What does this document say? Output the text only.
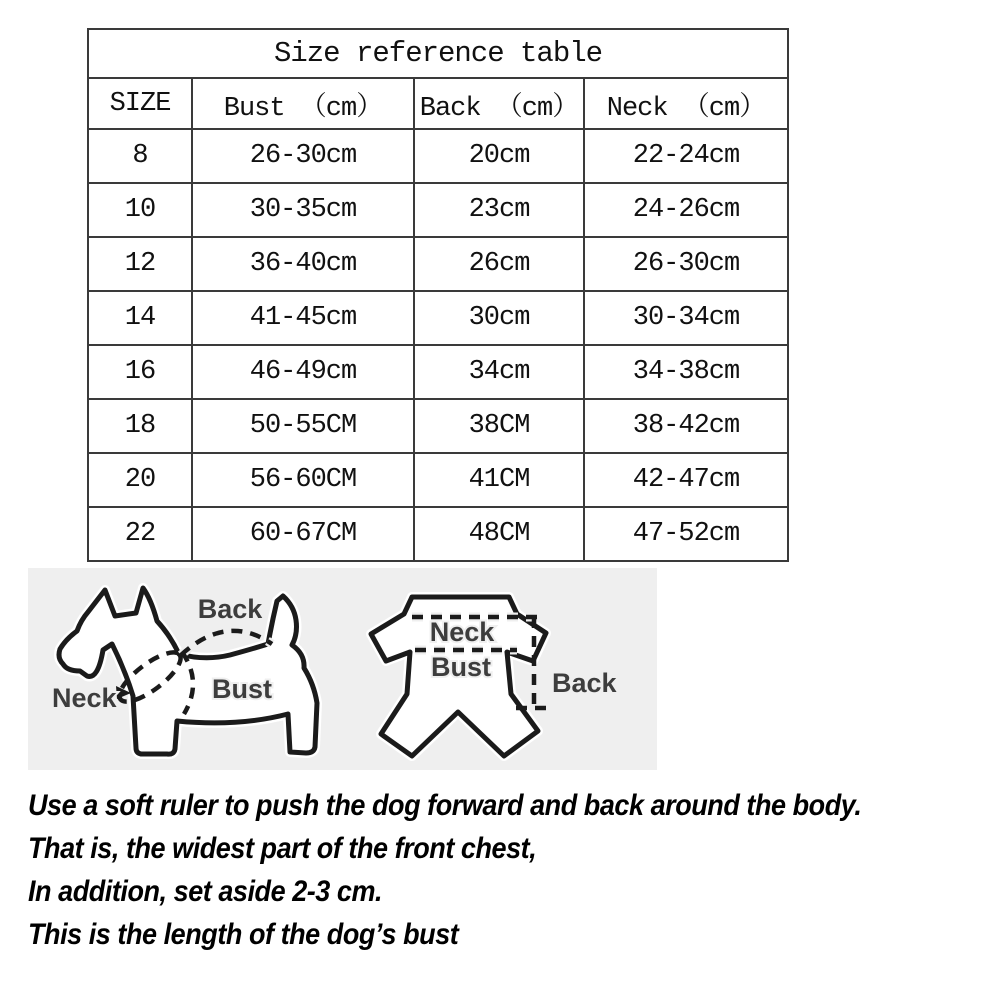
Size reference table			
SIZE	Bust （cm）	Back （cm）	Neck （cm）
8	26-30cm	20cm	22-24cm
10	30-35cm	23cm	24-26cm
12	36-40cm	26cm	26-30cm
14	41-45cm	30cm	30-34cm
16	46-49cm	34cm	34-38cm
18	50-55CM	38CM	38-42cm
20	56-60CM	41CM	42-47cm
22	60-67CM	48CM	47-52cm
Back
Neck	Bust
Neck
Bust
Back
Use a soft ruler to push the dog forward and back around the body.
That is, the widest part of the front chest,
In addition, set aside 2-3 cm.
This is the length of the dog’s bust
